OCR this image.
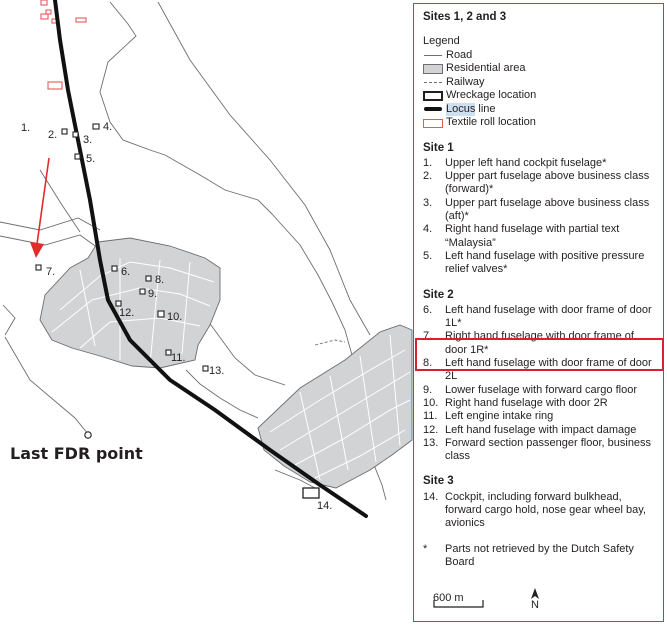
1.
2. 3.
4.
5.
6.
7.
8.
9.
12.	10.
11.
13.
14.
Last FDR point
Sites 1, 2 and 3
Legend
Road
Residential area
Railway
Wreckage location
Locus line
Textile roll location
Site 1
1.	Upper left hand cockpit fuselage*
2.	Upper part fuselage above business class (forward)*
3.	Upper part fuselage above business class (aft)*
4.	Right hand fuselage with partial text “Malaysia”
5.	Left hand fuselage with positive pressure relief valves*
Site 2
6.	Left hand fuselage with door frame of door 1L*
7.	Right hand fuselage with door frame of door 1R*
8.	Left hand fuselage with door frame of door 2L
9.	Lower fuselage with forward cargo floor
10. Right hand fuselage with door 2R
11. Left engine intake ring
12. Left hand fuselage with impact damage
13. Forward section passenger floor, business class
Site 3
14. Cockpit, including forward bulkhead, forward cargo hold, nose gear wheel bay, avionics
*	Parts not retrieved by the Dutch Safety Board
600 m
N
